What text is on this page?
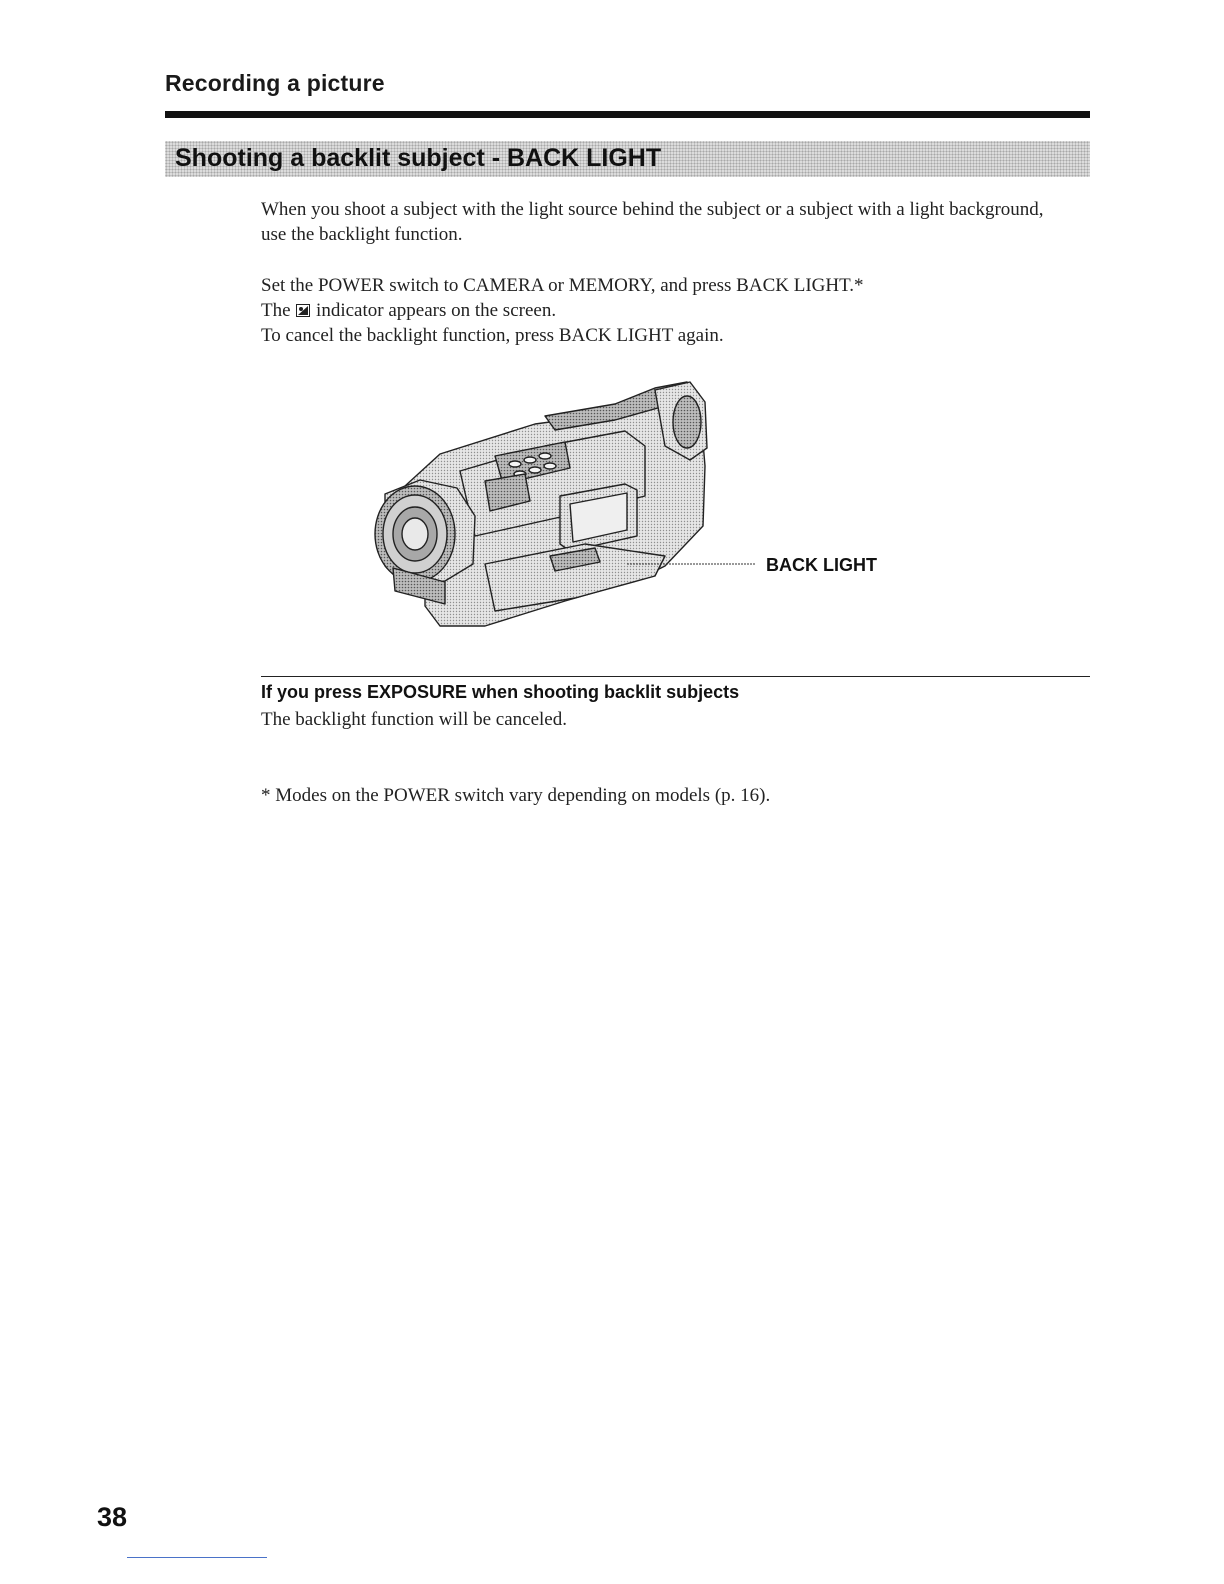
Recording a picture
Shooting a backlit subject - BACK LIGHT

When you shoot a subject with the light source behind the subject or a subject with a light background, use the backlight function.

Set the POWER switch to CAMERA or MEMORY, and press BACK LIGHT.*

The indicator appears on the screen.

To cancel the backlight function, press BACK LIGHT again.

BACK LIGHT
If you press EXPOSURE when shooting backlit subjects

The backlight function will be canceled.

* Modes on the POWER switch vary depending on models (p. 16).

38
